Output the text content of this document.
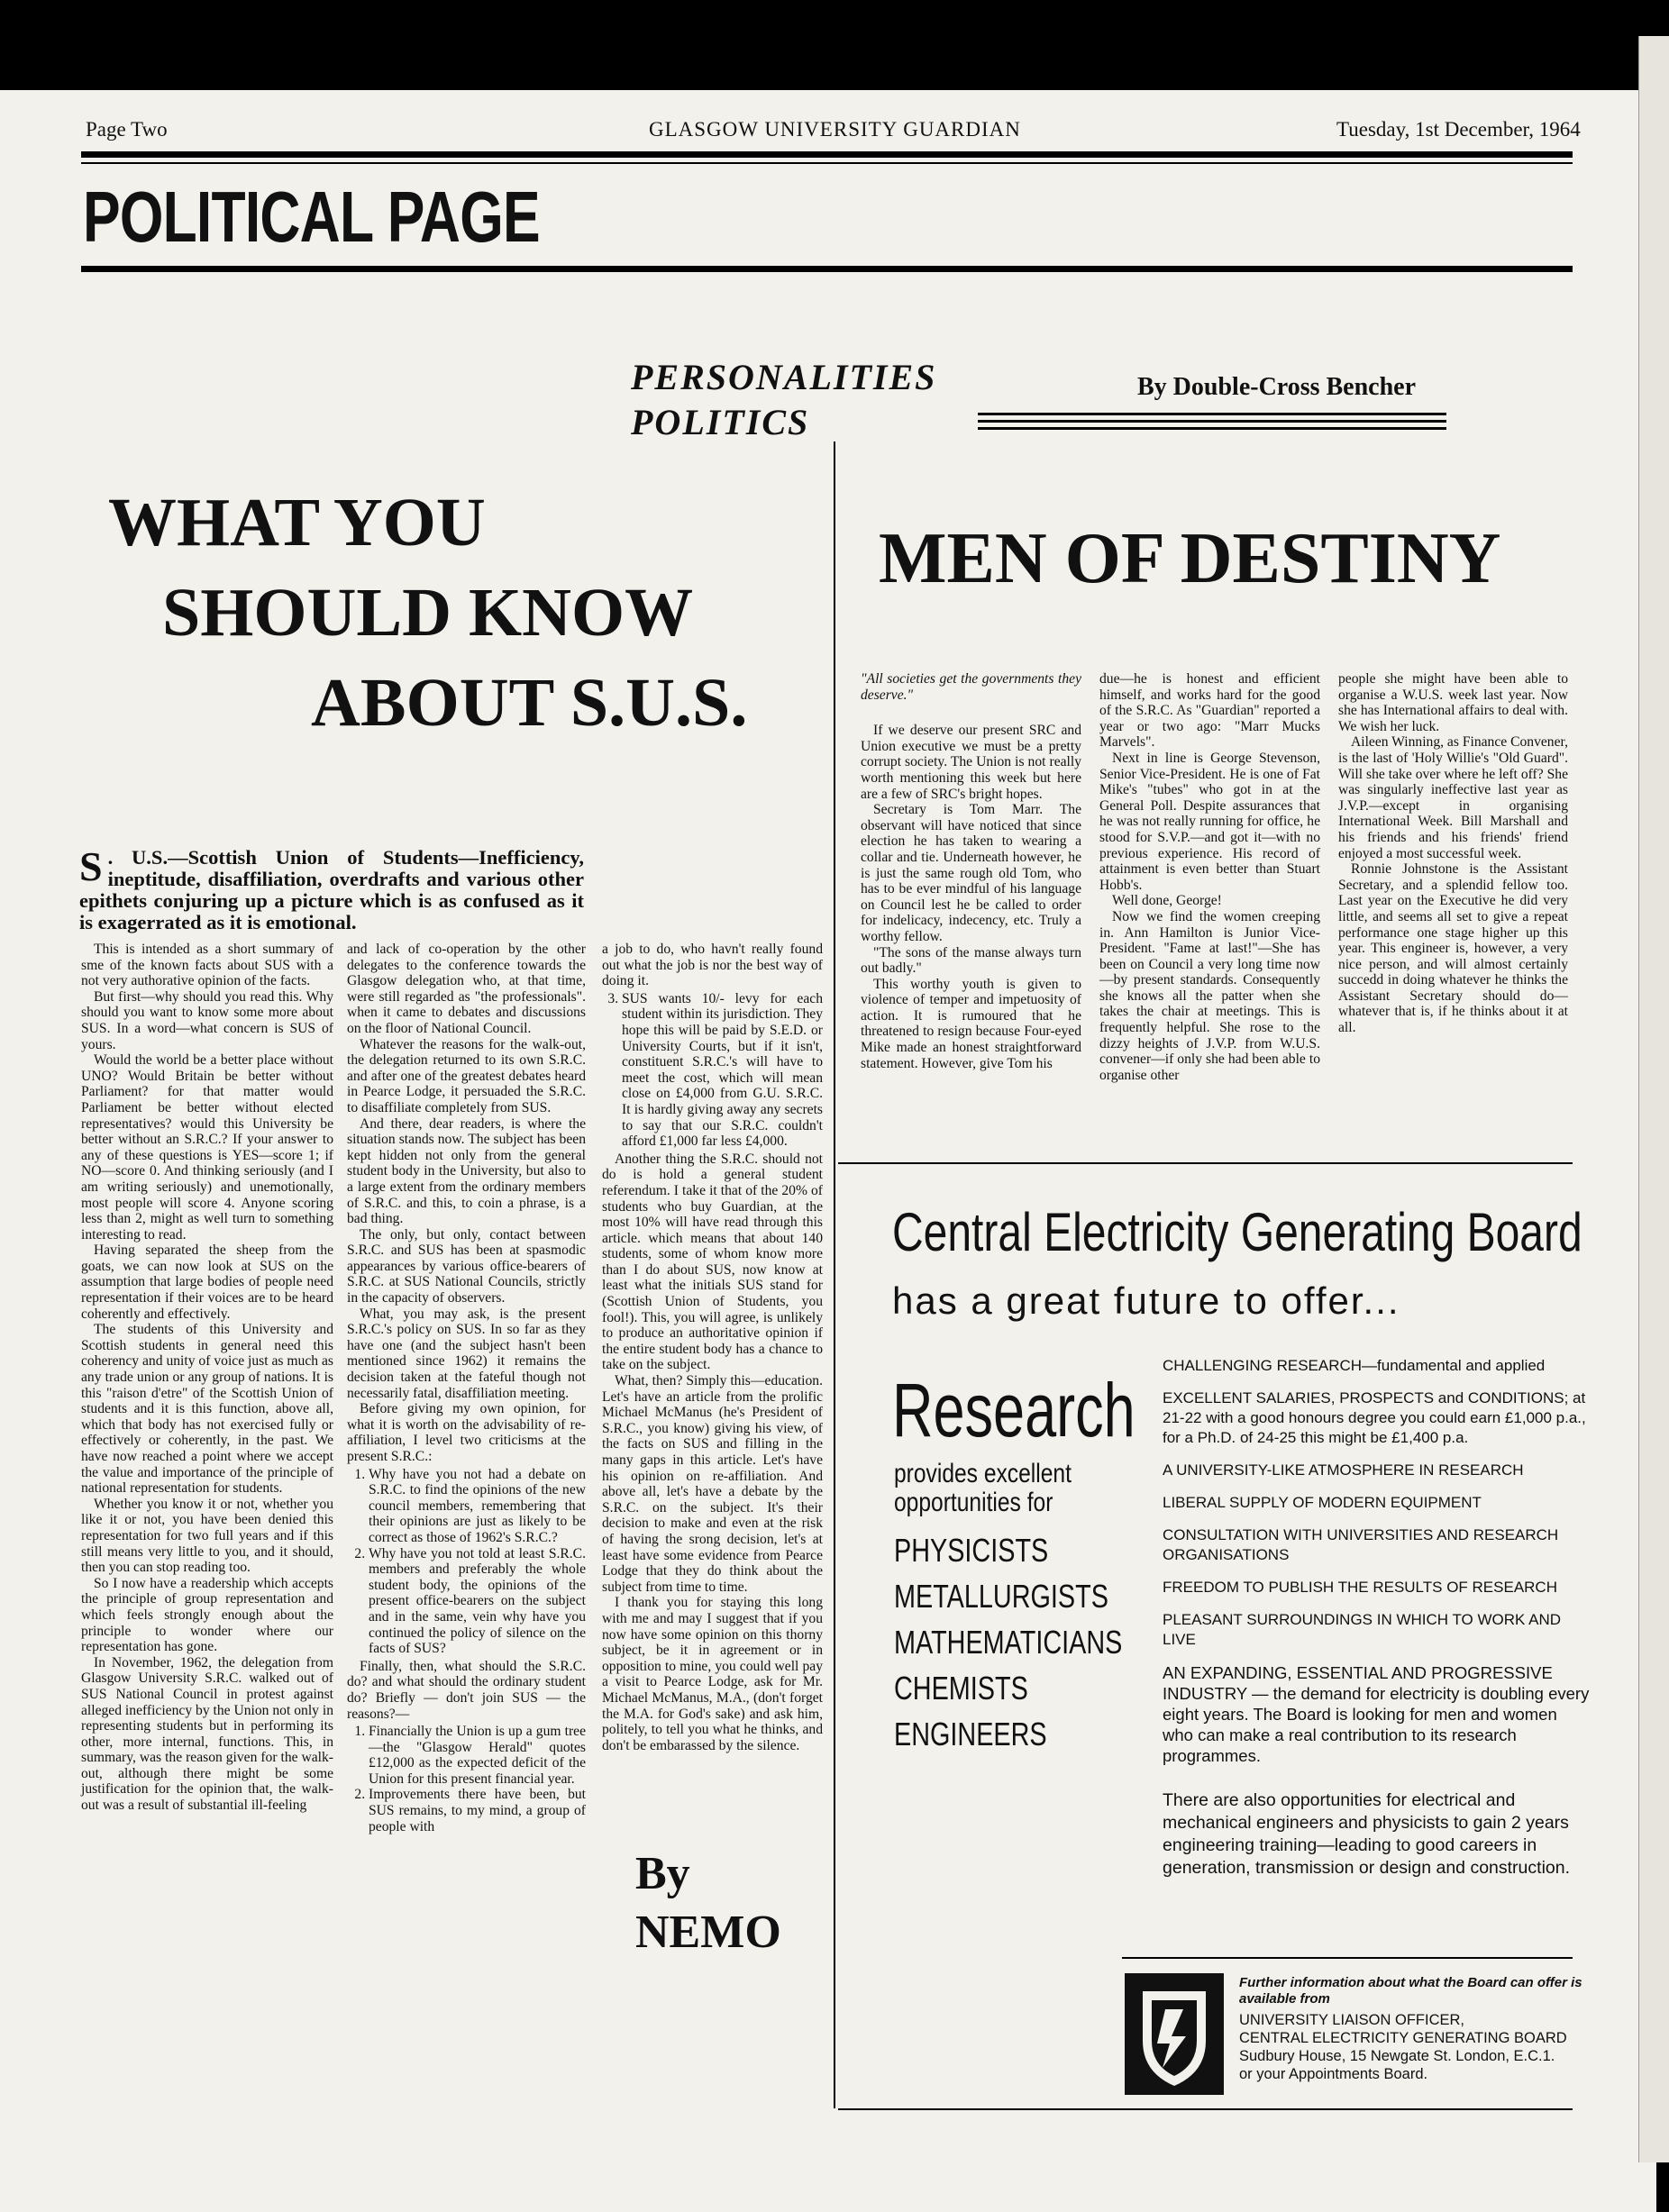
Page Two	GLASGOW UNIVERSITY GUARDIAN	Tuesday, 1st December, 1964
POLITICAL PAGE
PERSONALITIES
POLITICS
By Double-Cross Bencher
WHAT YOU
SHOULD KNOW
ABOUT S.U.S.
S . U.S.—Scottish Union of Students—Inefficiency, ineptitude, disaffiliation, overdrafts and various other epithets conjuring up a picture which is as confused as it is exagerrated as it is emotional.

This is intended as a short summary of sme of the known facts about SUS with a not very authorative opinion of the facts.

But first—why should you read this. Why should you want to know some more about SUS. In a word—what concern is SUS of yours.

Would the world be a better place without UNO? Would Britain be better without Parliament? for that matter would Parliament be better without elected representatives? would this University be better without an S.R.C.? If your answer to any of these questions is YES—score 1; if NO—score 0. And thinking seriously (and I am writing seriously) and unemotionally, most people will score 4. Anyone scoring less than 2, might as well turn to something interesting to read.

Having separated the sheep from the goats, we can now look at SUS on the assumption that large bodies of people need representation if their voices are to be heard coherently and effectively.

The students of this University and Scottish students in general need this coherency and unity of voice just as much as any trade union or any group of nations. It is this "raison d'etre" of the Scottish Union of students and it is this function, above all, which that body has not exercised fully or effectively or coherently, in the past. We have now reached a point where we accept the value and importance of the principle of national representation for students.

Whether you know it or not, whether you like it or not, you have been denied this representation for two full years and if this still means very little to you, and it should, then you can stop reading too.

So I now have a readership which accepts the principle of group representation and which feels strongly enough about the principle to wonder where our representation has gone.

In November, 1962, the delegation from Glasgow University S.R.C. walked out of SUS National Council in protest against alleged inefficiency by the Union not only in representing students but in performing its other, more internal, functions. This, in summary, was the reason given for the walk-out, although there might be some justification for the opinion that, the walk-out was a result of substantial ill-feeling

and lack of co-operation by the other delegates to the conference towards the Glasgow delegation who, at that time, were still regarded as "the professionals". when it came to debates and discussions on the floor of National Council.

Whatever the reasons for the walk-out, the delegation returned to its own S.R.C. and after one of the greatest debates heard in Pearce Lodge, it persuaded the S.R.C. to disaffiliate completely from SUS.

And there, dear readers, is where the situation stands now. The subject has been kept hidden not only from the general student body in the University, but also to a large extent from the ordinary members of S.R.C. and this, to coin a phrase, is a bad thing.

The only, but only, contact between S.R.C. and SUS has been at spasmodic appearances by various office-bearers of S.R.C. at SUS National Councils, strictly in the capacity of observers.

What, you may ask, is the present S.R.C.'s policy on SUS. In so far as they have one (and the subject hasn't been mentioned since 1962) it remains the decision taken at the fateful though not necessarily fatal, disaffiliation meeting.

Before giving my own opinion, for what it is worth on the advisability of re-affiliation, I level two criticisms at the present S.R.C.:

1. Why have you not had a debate on S.R.C. to find the opinions of the new council members, remembering that their opinions are just as likely to be correct as those of 1962's S.R.C.?
2. Why have you not told at least S.R.C. members and preferably the whole student body, the opinions of the present office-bearers on the subject and in the same, vein why have you continued the policy of silence on the facts of SUS?

Finally, then, what should the S.R.C. do? and what should the ordinary student do? Briefly — don't join SUS — the reasons?—

1. Financially the Union is up a gum tree—the "Glasgow Herald" quotes £12,000 as the expected deficit of the Union for this present financial year.
2. Improvements there have been, but SUS remains, to my mind, a group of people with

a job to do, who havn't really found out what the job is nor the best way of doing it.

3. SUS wants 10/- levy for each student within its jurisdiction. They hope this will be paid by S.E.D. or University Courts, but if it isn't, constituent S.R.C.'s will have to meet the cost, which will mean close on £4,000 from G.U. S.R.C. It is hardly giving away any secrets to say that our S.R.C. couldn't afford £1,000 far less £4,000.

Another thing the S.R.C. should not do is hold a general student referendum. I take it that of the 20% of students who buy Guardian, at the most 10% will have read through this article. which means that about 140 students, some of whom know more than I do about SUS, now know at least what the initials SUS stand for (Scottish Union of Students, you fool!). This, you will agree, is unlikely to produce an authoritative opinion if the entire student body has a chance to take on the subject.

What, then? Simply this—education. Let's have an article from the prolific Michael McManus (he's President of S.R.C., you know) giving his view, of the facts on SUS and filling in the many gaps in this article. Let's have his opinion on re-affiliation. And above all, let's have a debate by the S.R.C. on the subject. It's their decision to make and even at the risk of having the srong decision, let's at least have some evidence from Pearce Lodge that they do think about the subject from time to time.

I thank you for staying this long with me and may I suggest that if you now have some opinion on this thorny subject, be it in agreement or in opposition to mine, you could well pay a visit to Pearce Lodge, ask for Mr. Michael McManus, M.A., (don't forget the M.A. for God's sake) and ask him, politely, to tell you what he thinks, and don't be embarassed by the silence.

By
NEMO
MEN OF DESTINY

"All societies get the governments they deserve."

If we deserve our present SRC and Union executive we must be a pretty corrupt society. The Union is not really worth mentioning this week but here are a few of SRC's bright hopes.

Secretary is Tom Marr. The observant will have noticed that since election he has taken to wearing a collar and tie. Underneath however, he is just the same rough old Tom, who has to be ever mindful of his language on Council lest he be called to order for indelicacy, indecency, etc. Truly a worthy fellow.

"The sons of the manse always turn out badly."

This worthy youth is given to violence of temper and impetuosity of action. It is rumoured that he threatened to resign because Four-eyed Mike made an honest straightforward statement. However, give Tom his

due—he is honest and efficient himself, and works hard for the good of the S.R.C. As "Guardian" reported a year or two ago: "Marr Mucks Marvels".

Next in line is George Stevenson, Senior Vice-President. He is one of Fat Mike's "tubes" who got in at the General Poll. Despite assurances that he was not really running for office, he stood for S.V.P.—and got it—with no previous experience. His record of attainment is even better than Stuart Hobb's.

Well done, George!

Now we find the women creeping in. Ann Hamilton is Junior Vice-President. "Fame at last!"—She has been on Council a very long time now—by present standards. Consequently she knows all the patter when she takes the chair at meetings. This is frequently helpful. She rose to the dizzy heights of J.V.P. from W.U.S. convener—if only she had been able to organise other

people she might have been able to organise a W.U.S. week last year. Now she has International affairs to deal with. We wish her luck.

Aileen Winning, as Finance Convener, is the last of 'Holy Willie's "Old Guard". Will she take over where he left off? She was singularly ineffective last year as J.V.P.—except in organising International Week. Bill Marshall and his friends and his friends' friend enjoyed a most successful week.

Ronnie Johnstone is the Assistant Secretary, and a splendid fellow too. Last year on the Executive he did very little, and seems all set to give a repeat performance one stage higher up this year. This engineer is, however, a very nice person, and will almost certainly succedd in doing whatever he thinks the Assistant Secretary should do—whatever that is, if he thinks about it at all.

Central Electricity Generating Board
has a great future to offer...
Research
provides excellent
opportunities for
PHYSICISTS
METALLURGISTS
MATHEMATICIANS
CHEMISTS
ENGINEERS
CHALLENGING RESEARCH—fundamental and applied
EXCELLENT SALARIES, PROSPECTS and CONDITIONS; at 21-22 with a good honours degree you could earn £1,000 p.a., for a Ph.D. of 24-25 this might be £1,400 p.a.
A UNIVERSITY-LIKE ATMOSPHERE IN RESEARCH
LIBERAL SUPPLY OF MODERN EQUIPMENT
CONSULTATION WITH UNIVERSITIES AND RESEARCH ORGANISATIONS
FREEDOM TO PUBLISH THE RESULTS OF RESEARCH
PLEASANT SURROUNDINGS IN WHICH TO WORK AND LIVE
AN EXPANDING, ESSENTIAL AND PROGRESSIVE INDUSTRY — the demand for electricity is doubling every eight years. The Board is looking for men and women who can make a real contribution to its research programmes.
There are also opportunities for electrical and mechanical engineers and physicists to gain 2 years engineering training—leading to good careers in generation, transmission or design and construction.
Further information about what the Board can offer is available from
UNIVERSITY LIAISON OFFICER,
CENTRAL ELECTRICITY GENERATING BOARD
Sudbury House, 15 Newgate St. London, E.C.1.
or your Appointments Board.
